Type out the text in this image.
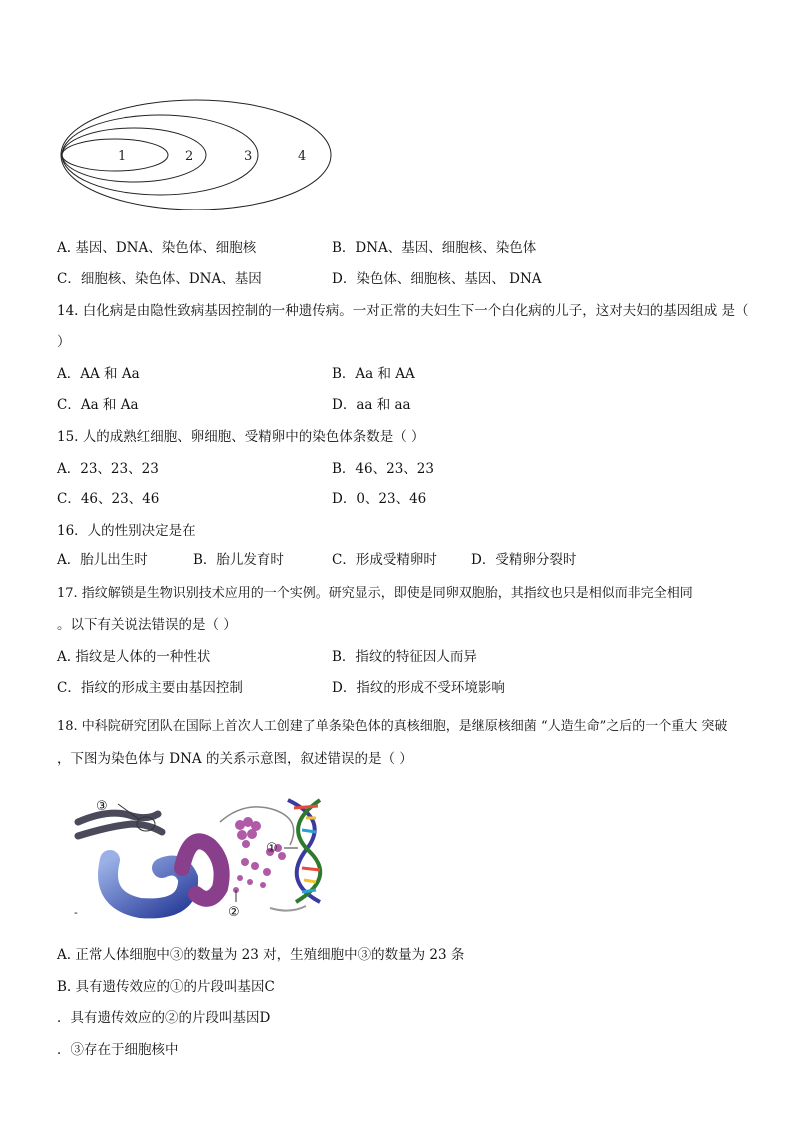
1	2	3	4
A. 基因、DNA、染色体、细胞核	B．DNA、基因、细胞核、染色体
C．细胞核、染色体、DNA、基因	D．染色体、细胞核、基因、 DNA
14. 白化病是由隐性致病基因控制的一种遗传病。一对正常的夫妇生下一个白化病的儿子，这对夫妇的基因组成 是（
）
A．AA 和 Aa	B．Aa 和 AA
C．Aa 和 Aa	D．aa 和 aa
15. 人的成熟红细胞、卵细胞、受精卵中的染色体条数是（ ）
A．23、23、23	B．46、23、23
C．46、23、46	D．0、23、46
16．人的性别决定是在
A．胎儿出生时	B．胎儿发育时	C．形成受精卵时	D．受精卵分裂时
17. 指纹解锁是生物识别技术应用的一个实例。研究显示，即使是同卵双胞胎，其指纹也只是相似而非完全相同
。以下有关说法错误的是（ ）
A. 指纹是人体的一种性状	B．指纹的特征因人而异
C．指纹的形成主要由基因控制	D．指纹的形成不受环境影响
18. 中科院研究团队在国际上首次人工创建了单条染色体的真核细胞，是继原核细菌 “人造生命”之后的一个重大 突破
，下图为染色体与 DNA 的关系示意图，叙述错误的是（ ）
③
①
②
-
A. 正常人体细胞中③的数量为 23 对，生殖细胞中③的数量为 23 条
B. 具有遗传效应的①的片段叫基因C
．具有遗传效应的②的片段叫基因D
．③存在于细胞核中
